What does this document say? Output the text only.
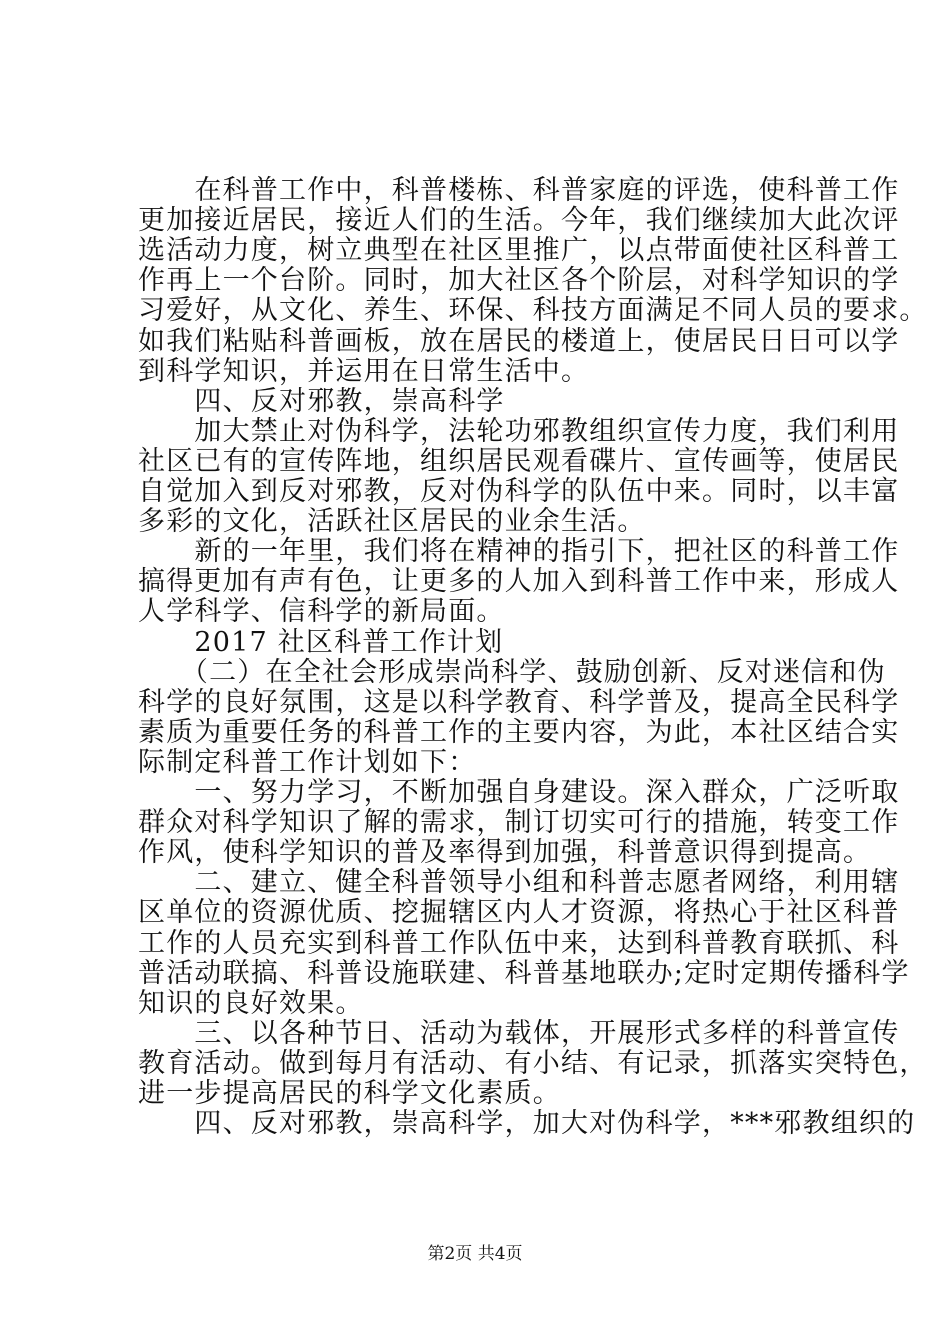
　　在科普工作中，科普楼栋、科普家庭的评选，使科普工作
更加接近居民，接近人们的生活。今年，我们继续加大此次评
选活动力度，树立典型在社区里推广，以点带面使社区科普工
作再上一个台阶。同时，加大社区各个阶层，对科学知识的学
习爱好，从文化、养生、环保、科技方面满足不同人员的要求。
如我们粘贴科普画板，放在居民的楼道上，使居民日日可以学
到科学知识，并运用在日常生活中。
　　四、反对邪教，崇高科学
　　加大禁止对伪科学，法轮功邪教组织宣传力度，我们利用
社区已有的宣传阵地，组织居民观看碟片、宣传画等，使居民
自觉加入到反对邪教，反对伪科学的队伍中来。同时，以丰富
多彩的文化，活跃社区居民的业余生活。
　　新的一年里，我们将在精神的指引下，把社区的科普工作
搞得更加有声有色，让更多的人加入到科普工作中来，形成人
人学科学、信科学的新局面。
　　2017 社区科普工作计划
　　（二）在全社会形成崇尚科学、鼓励创新、反对迷信和伪
科学的良好氛围，这是以科学教育、科学普及，提高全民科学
素质为重要任务的科普工作的主要内容，为此，本社区结合实
际制定科普工作计划如下：
　　一、努力学习，不断加强自身建设。深入群众，广泛听取
群众对科学知识了解的需求，制订切实可行的措施，转变工作
作风，使科学知识的普及率得到加强，科普意识得到提高。
　　二、建立、健全科普领导小组和科普志愿者网络，利用辖
区单位的资源优质、挖掘辖区内人才资源，将热心于社区科普
工作的人员充实到科普工作队伍中来，达到科普教育联抓、科
普活动联搞、科普设施联建、科普基地联办;定时定期传播科学
知识的良好效果。
　　三、以各种节日、活动为载体，开展形式多样的科普宣传
教育活动。做到每月有活动、有小结、有记录，抓落实突特色，
进一步提高居民的科学文化素质。
　　四、反对邪教，崇高科学，加大对伪科学，***邪教组织的
第2页 共4页
